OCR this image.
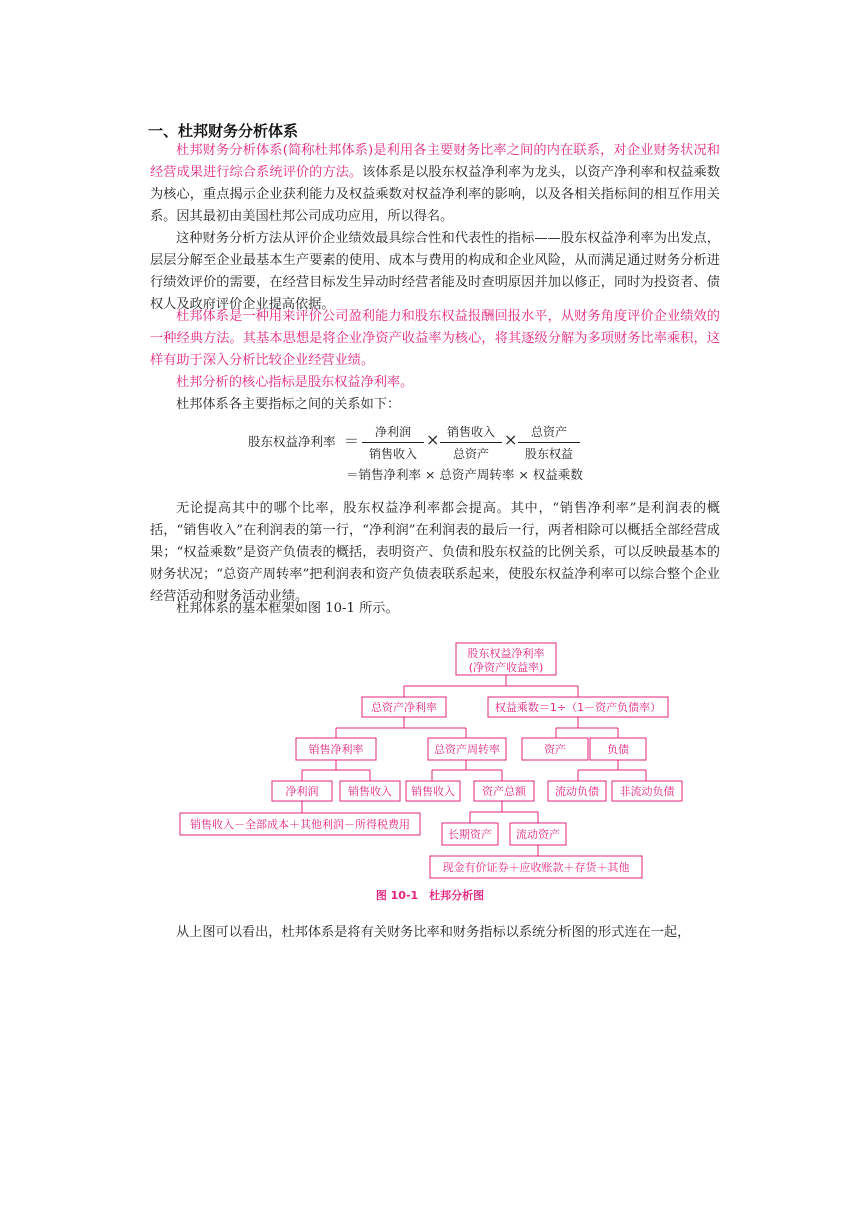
一、杜邦财务分析体系

杜邦财务分析体系(简称杜邦体系)是利用各主要财务比率之间的内在联系，对企业财务状况和经营成果进行综合系统评价的方法。该体系是以股东权益净利率为龙头，以资产净利率和权益乘数为核心，重点揭示企业获利能力及权益乘数对权益净利率的影响，以及各相关指标间的相互作用关系。因其最初由美国杜邦公司成功应用，所以得名。

这种财务分析方法从评价企业绩效最具综合性和代表性的指标——股东权益净利率为出发点，层层分解至企业最基本生产要素的使用、成本与费用的构成和企业风险，从而满足通过财务分析进行绩效评价的需要，在经营目标发生异动时经营者能及时查明原因并加以修正，同时为投资者、债权人及政府评价企业提高依据。

杜邦体系是一种用来评价公司盈利能力和股东权益报酬回报水平，从财务角度评价企业绩效的一种经典方法。其基本思想是将企业净资产收益率为核心，将其逐级分解为多项财务比率乘积，这样有助于深入分析比较企业经营业绩。

杜邦分析的核心指标是股东权益净利率。

杜邦体系各主要指标之间的关系如下：

股东权益净利率 ＝	净利润
销售收入
× 销售收入
总资产
×	总资产
股东权益
＝销售净利率 × 总资产周转率 × 权益乘数

无论提高其中的哪个比率，股东权益净利率都会提高。其中，“销售净利率”是利润表的概括，“销售收入”在利润表的第一行，“净利润”在利润表的最后一行，两者相除可以概括全部经营成果；“权益乘数”是资产负债表的概括，表明资产、负债和股东权益的比例关系，可以反映最基本的财务状况；“总资产周转率”把利润表和资产负债表联系起来，使股东权益净利率可以综合整个企业经营活动和财务活动业绩。

杜邦体系的基本框架如图 10-1 所示。

股东权益净利率
(净资产收益率)
总资产净利率	权益乘数＝1÷（1－资产负债率）
销售净利率	总资产周转率	资产	负债
净利润	销售收入 销售收入 资产总额	流动负债 非流动负债
销售收入－全部成本＋其他利润－所得税费用
长期资产 流动资产
现金有价证券＋应收账款＋存货＋其他
图 10-1　杜邦分析图

从上图可以看出，杜邦体系是将有关财务比率和财务指标以系统分析图的形式连在一起，
